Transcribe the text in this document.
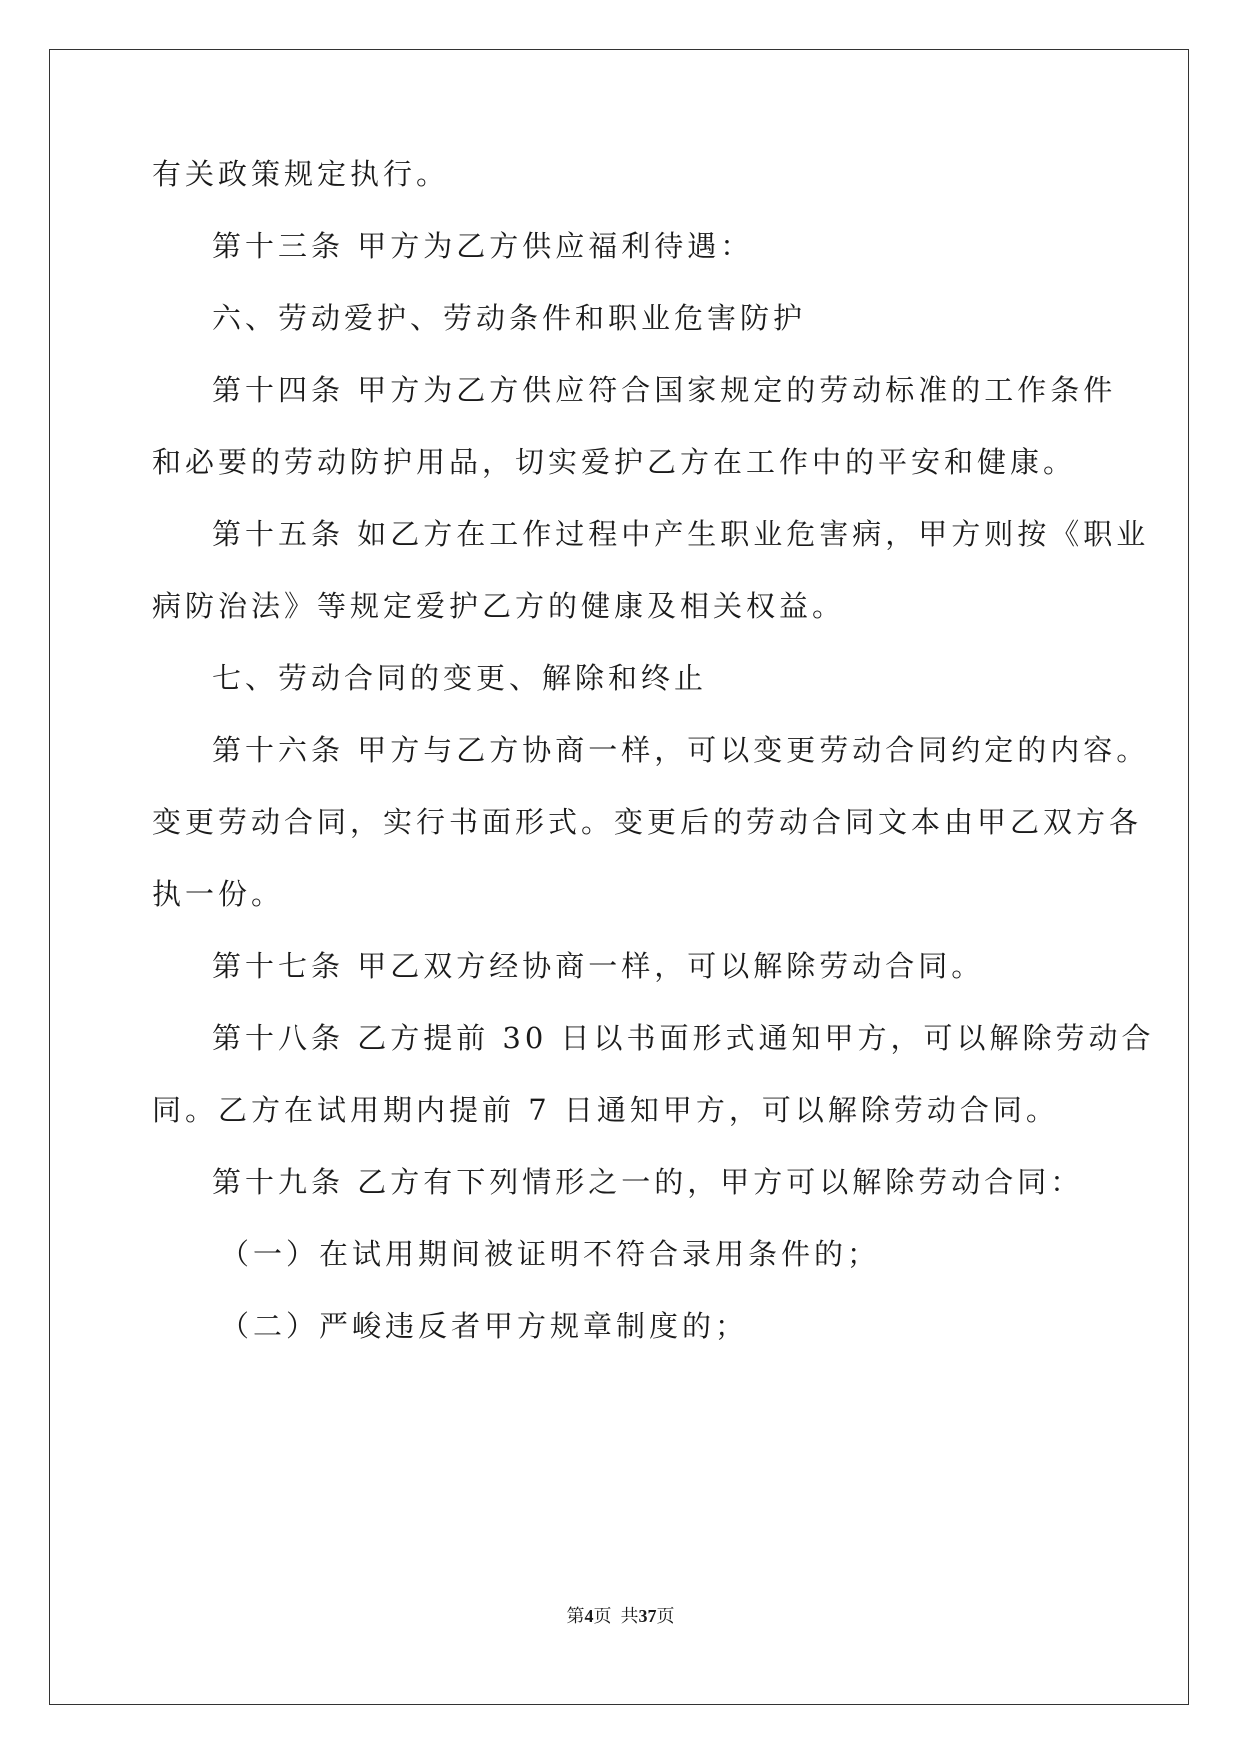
有关政策规定执行。
第十三条 甲方为乙方供应福利待遇：
六、劳动爱护、劳动条件和职业危害防护
第十四条 甲方为乙方供应符合国家规定的劳动标准的工作条件
和必要的劳动防护用品，切实爱护乙方在工作中的平安和健康。
第十五条 如乙方在工作过程中产生职业危害病，甲方则按《职业
病防治法》等规定爱护乙方的健康及相关权益。
七、劳动合同的变更、解除和终止
第十六条 甲方与乙方协商一样，可以变更劳动合同约定的内容。
变更劳动合同，实行书面形式。变更后的劳动合同文本由甲乙双方各
执一份。
第十七条 甲乙双方经协商一样，可以解除劳动合同。
第十八条 乙方提前 30 日以书面形式通知甲方，可以解除劳动合
同。乙方在试用期内提前 7 日通知甲方，可以解除劳动合同。
第十九条 乙方有下列情形之一的，甲方可以解除劳动合同：
（一）在试用期间被证明不符合录用条件的；
（二）严峻违反者甲方规章制度的；
第4页  共37页
